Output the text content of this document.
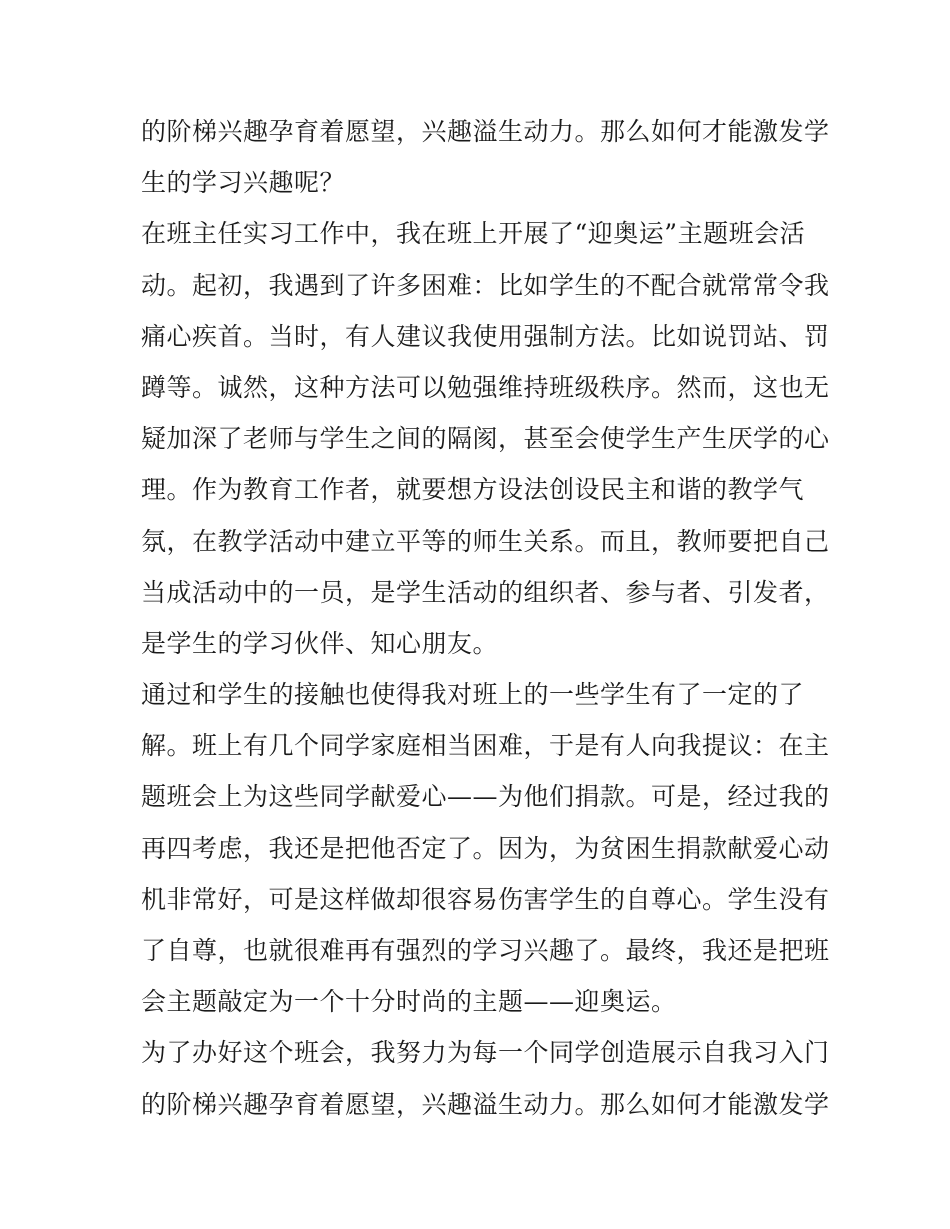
的阶梯兴趣孕育着愿望，兴趣溢生动力。那么如何才能激发学
生的学习兴趣呢？
在班主任实习工作中，我在班上开展了“迎奥运”主题班会活
动。起初，我遇到了许多困难：比如学生的不配合就常常令我
痛心疾首。当时，有人建议我使用强制方法。比如说罚站、罚
蹲等。诚然，这种方法可以勉强维持班级秩序。然而，这也无
疑加深了老师与学生之间的隔阂，甚至会使学生产生厌学的心
理。作为教育工作者，就要想方设法创设民主和谐的教学气
氛，在教学活动中建立平等的师生关系。而且，教师要把自己
当成活动中的一员，是学生活动的组织者、参与者、引发者，
是学生的学习伙伴、知心朋友。
通过和学生的接触也使得我对班上的一些学生有了一定的了
解。班上有几个同学家庭相当困难，于是有人向我提议：在主
题班会上为这些同学献爱心——为他们捐款。可是，经过我的
再四考虑，我还是把他否定了。因为，为贫困生捐款献爱心动
机非常好，可是这样做却很容易伤害学生的自尊心。学生没有
了自尊，也就很难再有强烈的学习兴趣了。最终，我还是把班
会主题敲定为一个十分时尚的主题——迎奥运。
为了办好这个班会，我努力为每一个同学创造展示自我习入门
的阶梯兴趣孕育着愿望，兴趣溢生动力。那么如何才能激发学
